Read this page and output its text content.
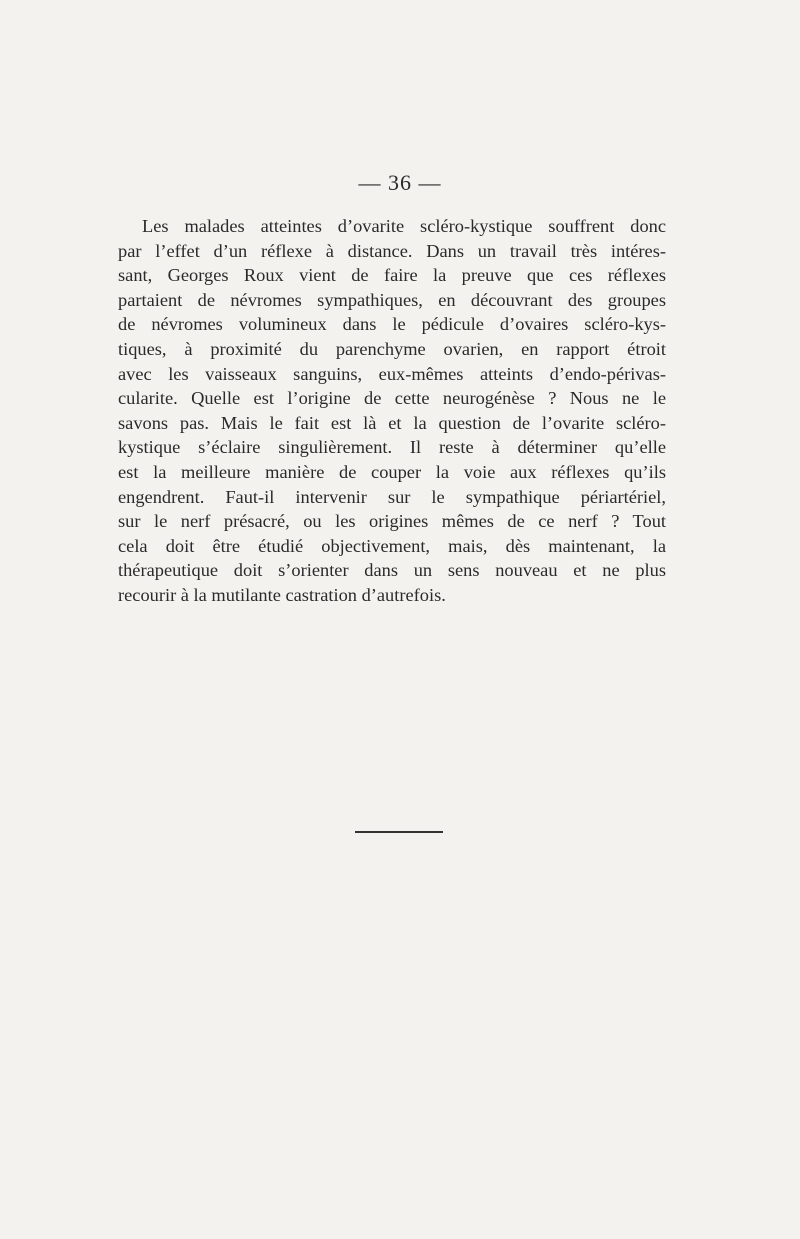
— 36 —

Les malades atteintes d’ovarite scléro-kystique souffrent donc
par l’effet d’un réflexe à distance. Dans un travail très intéres-
sant, Georges Roux vient de faire la preuve que ces réflexes
partaient de névromes sympathiques, en découvrant des groupes
de névromes volumineux dans le pédicule d’ovaires scléro-kys-
tiques, à proximité du parenchyme ovarien, en rapport étroit
avec les vaisseaux sanguins, eux-mêmes atteints d’endo-périvas-
cularite. Quelle est l’origine de cette neurogénèse ? Nous ne le
savons pas. Mais le fait est là et la question de l’ovarite scléro-
kystique s’éclaire singulièrement. Il reste à déterminer qu’elle
est la meilleure manière de couper la voie aux réflexes qu’ils
engendrent. Faut-il intervenir sur le sympathique périartériel,
sur le nerf présacré, ou les origines mêmes de ce nerf ? Tout
cela doit être étudié objectivement, mais, dès maintenant, la
thérapeutique doit s’orienter dans un sens nouveau et ne plus
recourir à la mutilante castration d’autrefois.
